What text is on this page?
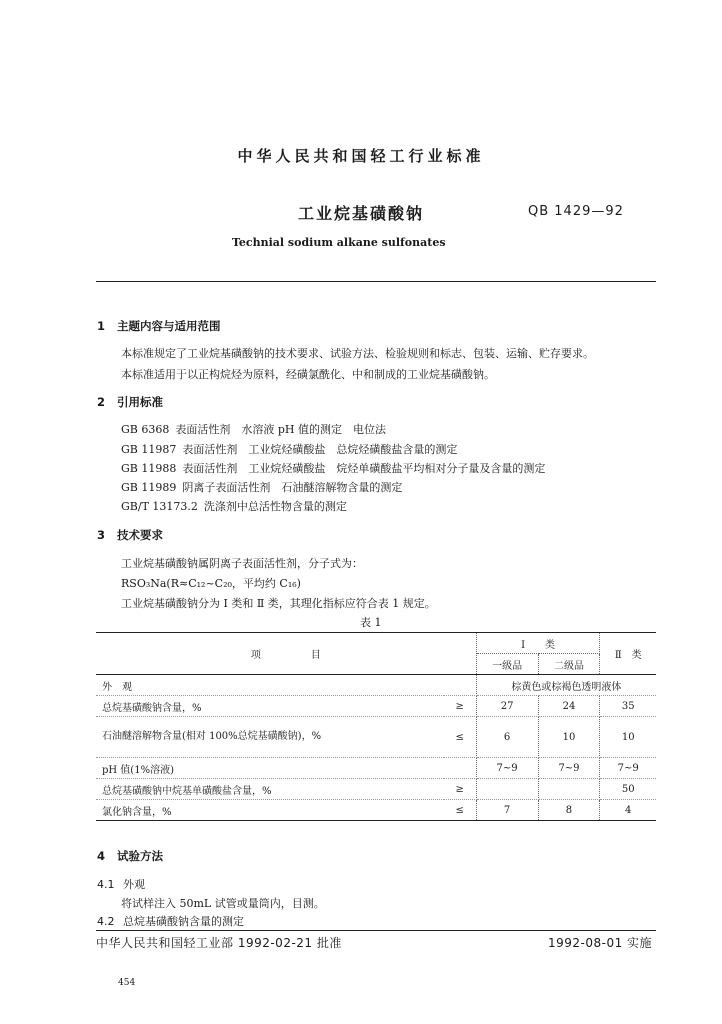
中华人民共和国轻工行业标准
工业烷基磺酸钠	QB 1429—92
Technial sodium alkane sulfonates
1 主题内容与适用范围
本标准规定了工业烷基磺酸钠的技术要求、试验方法、检验规则和标志、包装、运输、贮存要求。
本标准适用于以正构烷烃为原料，经磺氯酰化、中和制成的工业烷基磺酸钠。
2 引用标准
GB 6368 表面活性剂　水溶液 pH 值的测定　电位法
GB 11987 表面活性剂　工业烷烃磺酸盐　总烷烃磺酸盐含量的测定
GB 11988 表面活性剂　工业烷烃磺酸盐　烷烃单磺酸盐平均相对分子量及含量的测定
GB 11989 阴离子表面活性剂　石油醚溶解物含量的测定
GB/T 13173.2 洗涤剂中总活性物含量的测定
3 技术要求
工业烷基磺酸钠属阴离子表面活性剂，分子式为：
RSO₃Na(R≈C₁₂~C₂₀，平均约 C₁₆)
工业烷基磺酸钠分为 Ⅰ 类和 Ⅱ 类，其理化指标应符合表 1 规定。
表 1
项　　　　　目		Ⅰ　　类		Ⅱ　类
		一级品	二级品	
外　观		棕黄色或棕褐色透明液体		
总烷基磺酸钠含量，%	≥	27	24	35
石油醚溶解物含量(相对 100%总烷基磺酸钠)，%	≤	6	10	10
pH 值(1%溶液)		7~9	7~9	7~9
总烷基磺酸钠中烷基单磺酸盐含量，%	≥			50
氯化钠含量，%	≤	7	8	4
4 试验方法
4.1 外观
将试样注入 50mL 试管或量筒内，目测。
4.2 总烷基磺酸钠含量的测定
中华人民共和国轻工业部 1992-02-21 批准	1992-08-01 实施
454
